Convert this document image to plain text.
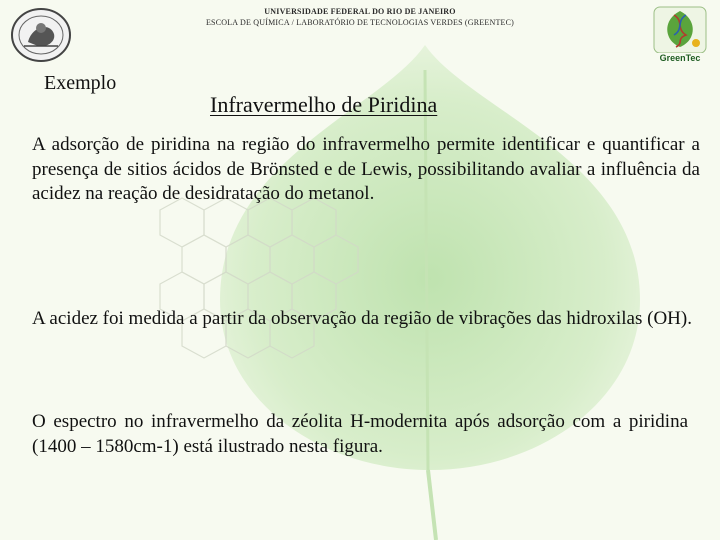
UNIVERSIDADE FEDERAL DO RIO DE JANEIRO
ESCOLA DE QUÍMICA / LABORATÓRIO DE TECNOLOGIAS VERDES (GREENTEC)
GreenTec
Exemplo
Infravermelho de Piridina

A adsorção de piridina na região do infravermelho permite identificar e quantificar a presença de sitios ácidos de Brönsted e de Lewis, possibilitando avaliar a influência da acidez na reação de desidratação do metanol.

A acidez foi medida a partir da observação da região de vibrações das hidroxilas (OH).

O espectro no infravermelho da zéolita H-modernita após adsorção com a piridina (1400 – 1580cm-1) está ilustrado nesta figura.
